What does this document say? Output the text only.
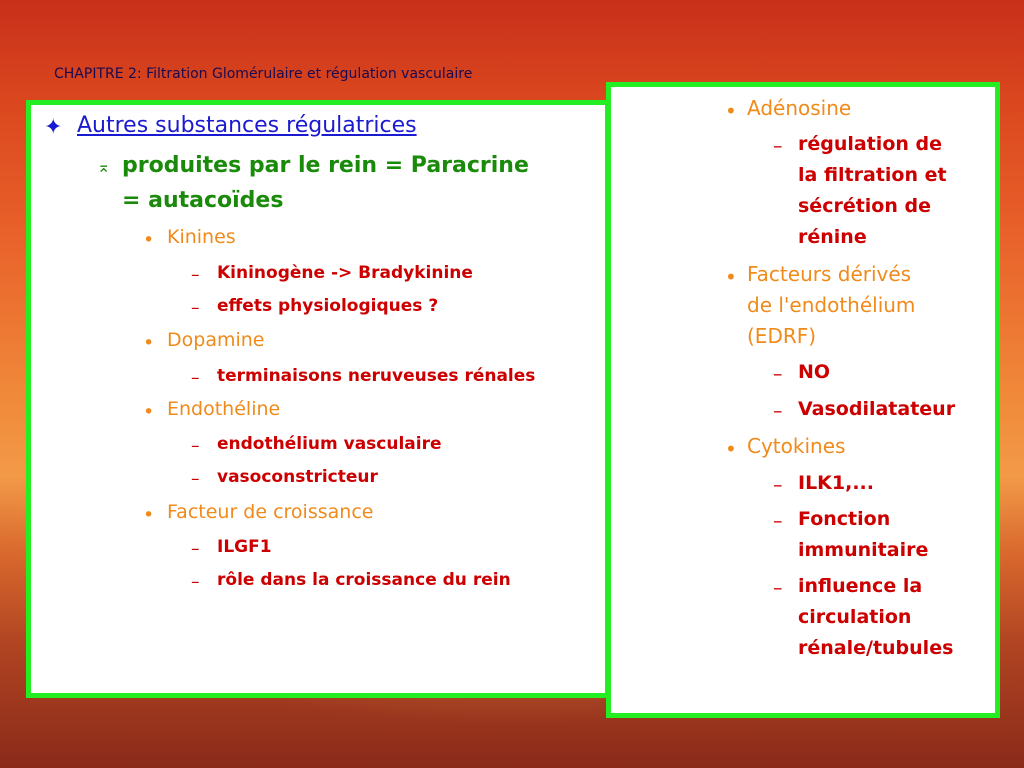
CHAPITRE 2: Filtration Glomérulaire et régulation vasculaire
• Adénosine
– régulation de
la filtration et
sécrétion de
rénine
• Facteurs dérivés
de l'endothélium
(EDRF)
– NO
– Vasodilatateur
• Cytokines
– ILK1,...
– Fonction
immunitaire
– influence la
circulation
rénale/tubules
✦ Autres substances régulatrices
⌅ produites par le rein = Paracrine
= autacoïdes
• Kinines
– Kininogène -> Bradykinine
– effets physiologiques ?
• Dopamine
– terminaisons neruveuses rénales
• Endothéline
– endothélium vasculaire
– vasoconstricteur
• Facteur de croissance
– ILGF1
– rôle dans la croissance du rein
